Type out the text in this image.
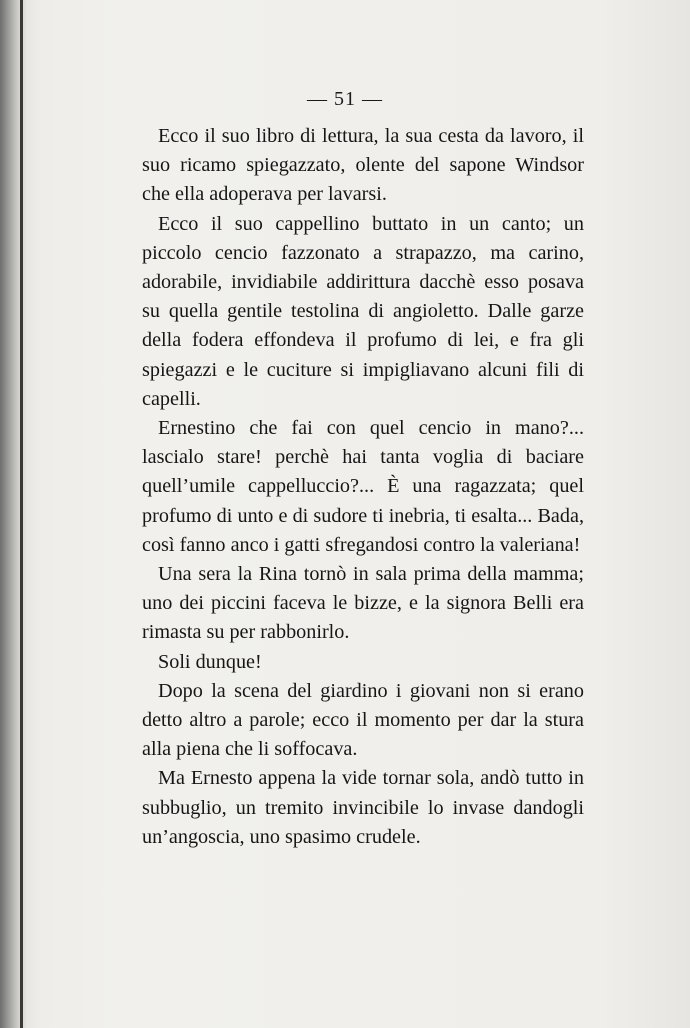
— 51 —

Ecco il suo libro di lettura, la sua cesta da lavoro, il suo ricamo spiegazzato, olente del sapone Windsor che ella adoperava per lavarsi.

Ecco il suo cappellino buttato in un canto; un piccolo cencio fazzonato a strapazzo, ma carino, adorabile, invidiabile addirittura dacchè esso posava su quella gentile testolina di angioletto. Dalle garze della fodera effondeva il profumo di lei, e fra gli spiegazzi e le cuciture si impigliavano alcuni fili di capelli.

Ernestino che fai con quel cencio in mano?... lascialo stare! perchè hai tanta voglia di baciare quell’umile cappelluccio?... È una ragazzata; quel profumo di unto e di sudore ti inebria, ti esalta... Bada, così fanno anco i gatti sfregandosi contro la valeriana!

Una sera la Rina tornò in sala prima della mamma; uno dei piccini faceva le bizze, e la signora Belli era rimasta su per rabbonirlo.

Soli dunque!

Dopo la scena del giardino i giovani non si erano detto altro a parole; ecco il momento per dar la stura alla piena che li soffocava.

Ma Ernesto appena la vide tornar sola, andò tutto in subbuglio, un tremito invincibile lo invase dandogli un’angoscia, uno spasimo crudele.
